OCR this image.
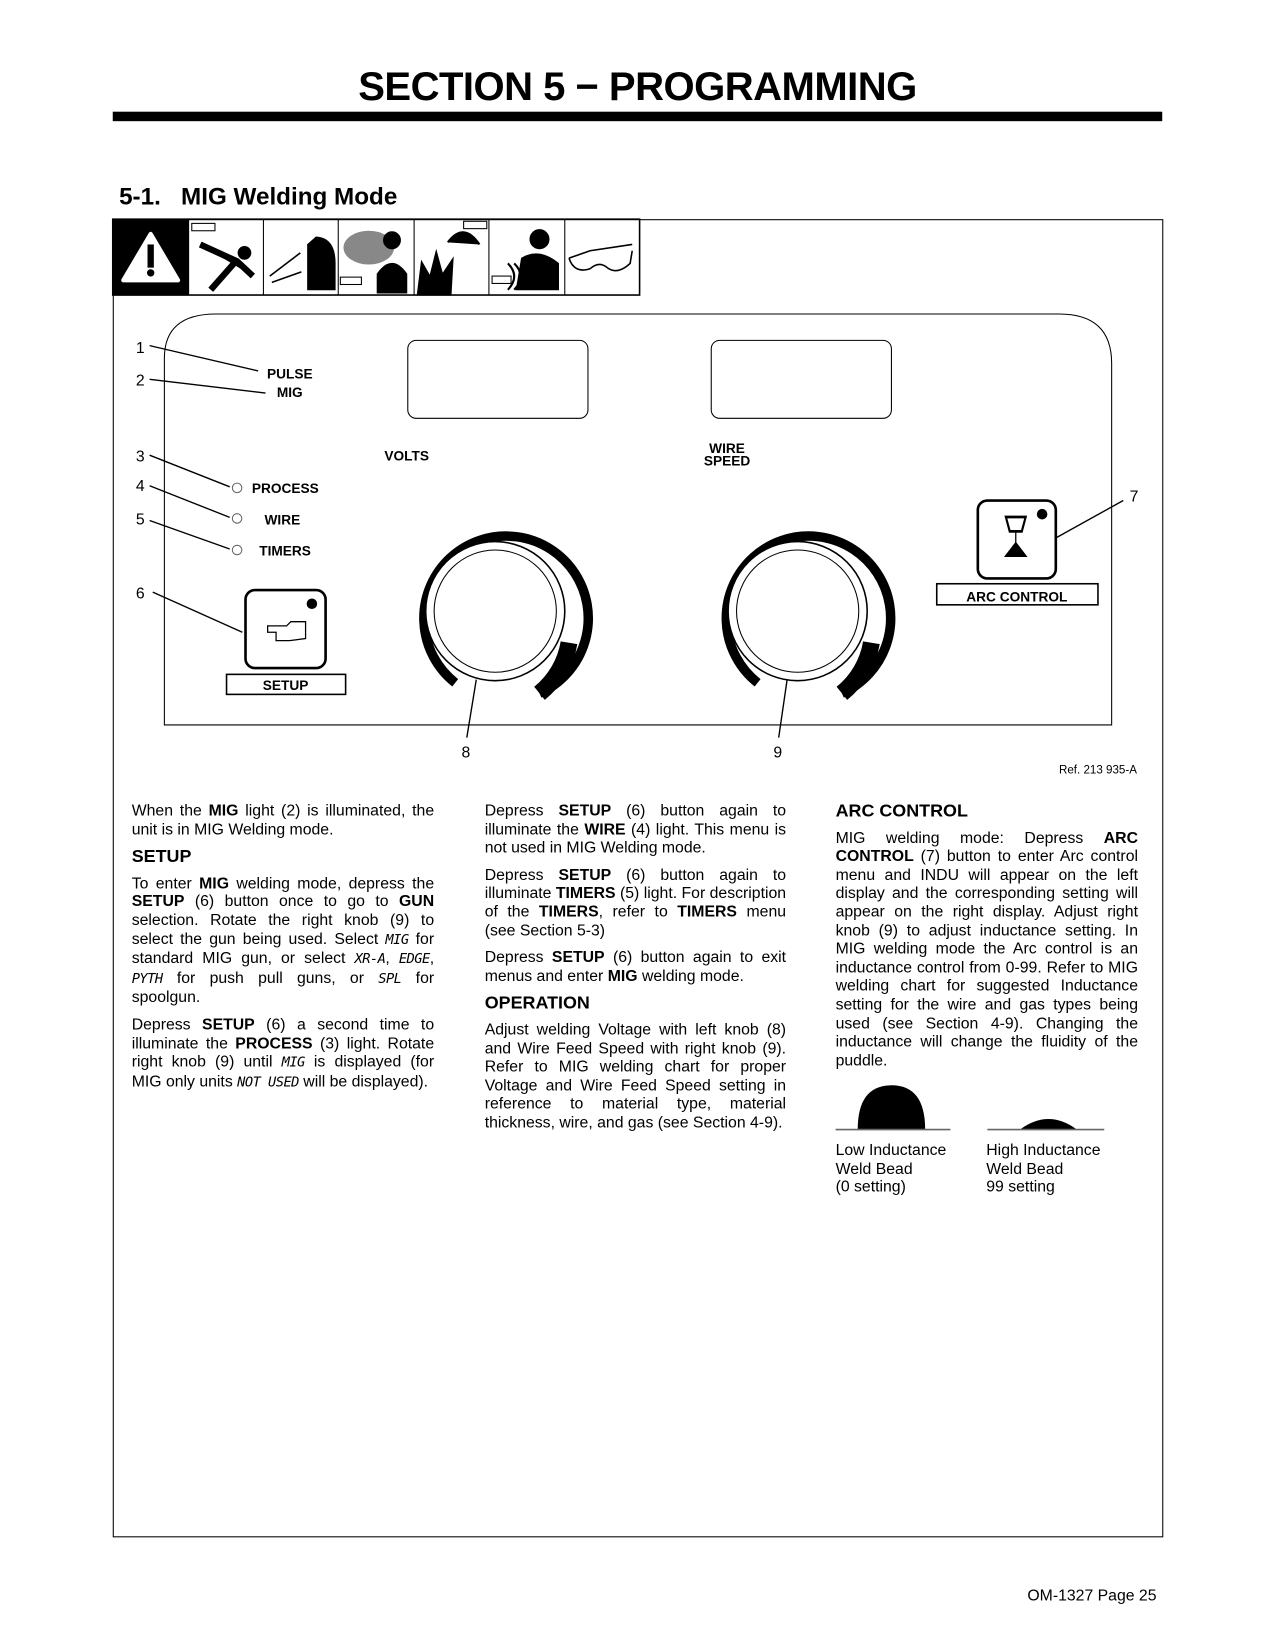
SECTION 5 − PROGRAMMING
5-1.   MIG Welding Mode
PULSE
MIG
VOLTS	WIRE
SPEED
PROCESS
WIRE
TIMERS
SETUP
ARC CONTROL
1
2
3
4
5
6
7
8	9
Ref. 213 935-A

When the MIG light (2) is illuminated, the unit is in MIG Welding mode.

SETUP

To enter MIG welding mode, depress the SETUP (6) button once to go to GUN selection. Rotate the right knob (9) to select the gun being used. Select MIG for standard MIG gun, or select XR-A, EDGE, PYTH for push pull guns, or SPL for spoolgun.

Depress SETUP (6) a second time to illuminate the PROCESS (3) light. Rotate right knob (9) until MIG is displayed (for MIG only units NOT USED will be displayed).

Depress SETUP (6) button again to illuminate the WIRE (4) light. This menu is not used in MIG Welding mode.

Depress SETUP (6) button again to illuminate TIMERS (5) light. For description of the TIMERS, refer to TIMERS menu (see Section 5-3)

Depress SETUP (6) button again to exit menus and enter MIG welding mode.

OPERATION

Adjust welding Voltage with left knob (8) and Wire Feed Speed with right knob (9). Refer to MIG welding chart for proper Voltage and Wire Feed Speed setting in reference to material type, material thickness, wire, and gas (see Section 4-9).

ARC CONTROL

MIG welding mode: Depress ARC CONTROL (7) button to enter Arc control menu and INDU will appear on the left display and the corresponding setting will appear on the right display. Adjust right knob (9) to adjust inductance setting. In MIG welding mode the Arc control is an inductance control from 0-99. Refer to MIG welding chart for suggested Inductance setting for the wire and gas types being used (see Section 4-9). Changing the inductance will change the fluidity of the puddle.

Low Inductance
Weld Bead
(0 setting)
High Inductance
Weld Bead
99 setting
OM-1327 Page 25
